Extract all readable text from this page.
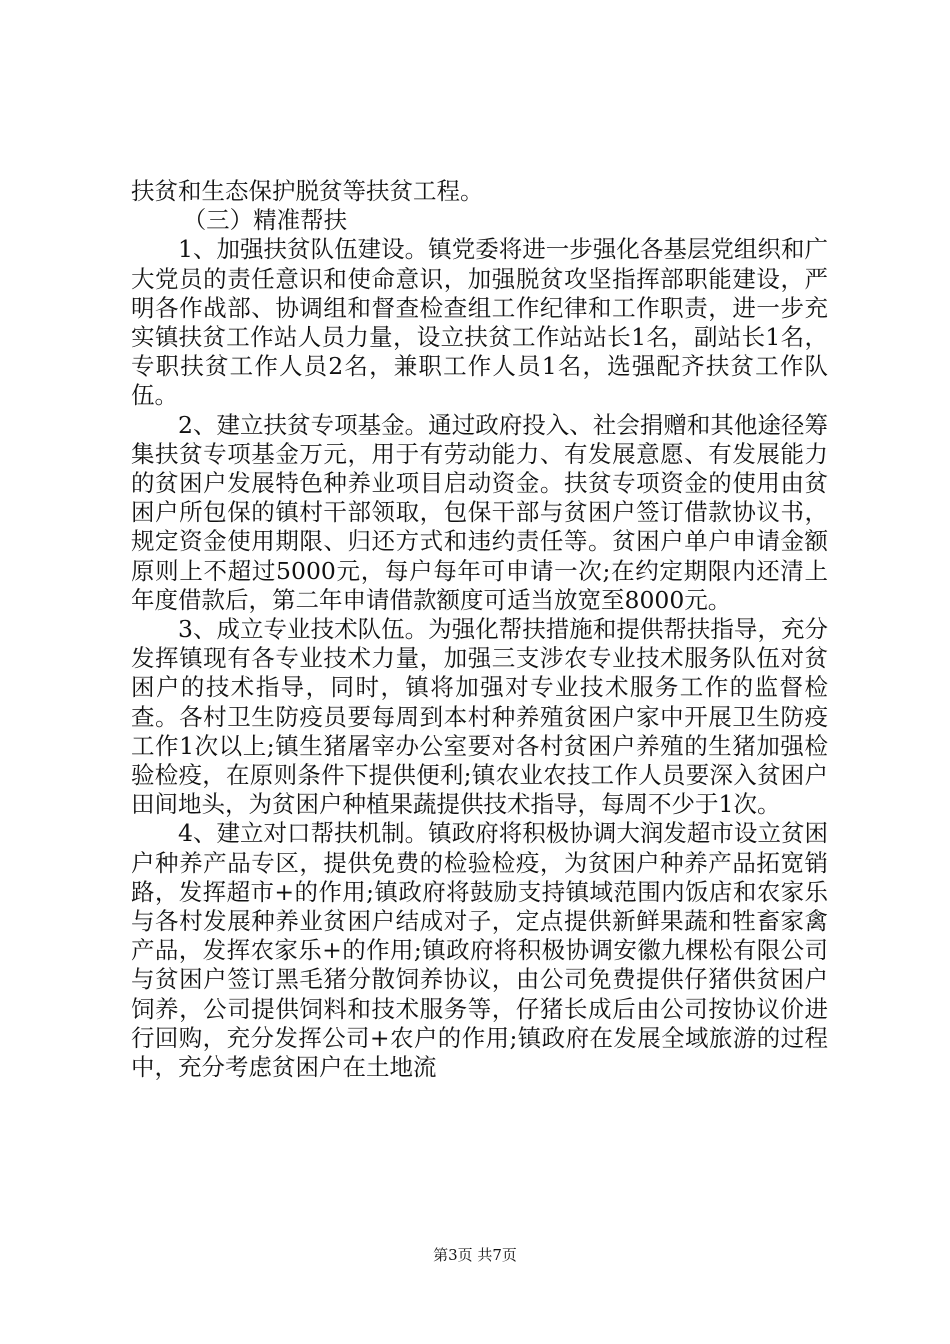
扶贫和生态保护脱贫等扶贫工程。

（三）精准帮扶

1、加强扶贫队伍建设。镇党委将进一步强化各基层党组织和广大党员的责任意识和使命意识，加强脱贫攻坚指挥部职能建设，严明各作战部、协调组和督查检查组工作纪律和工作职责，进一步充实镇扶贫工作站人员力量，设立扶贫工作站站长1名，副站长1名，专职扶贫工作人员2名，兼职工作人员1名，选强配齐扶贫工作队伍。

2、建立扶贫专项基金。通过政府投入、社会捐赠和其他途径筹集扶贫专项基金万元，用于有劳动能力、有发展意愿、有发展能力的贫困户发展特色种养业项目启动资金。扶贫专项资金的使用由贫困户所包保的镇村干部领取，包保干部与贫困户签订借款协议书，规定资金使用期限、归还方式和违约责任等。贫困户单户申请金额原则上不超过5000元，每户每年可申请一次;在约定期限内还清上年度借款后，第二年申请借款额度可适当放宽至8000元。

3、成立专业技术队伍。为强化帮扶措施和提供帮扶指导，充分发挥镇现有各专业技术力量，加强三支涉农专业技术服务队伍对贫困户的技术指导，同时，镇将加强对专业技术服务工作的监督检查。各村卫生防疫员要每周到本村种养殖贫困户家中开展卫生防疫工作1次以上;镇生猪屠宰办公室要对各村贫困户养殖的生猪加强检验检疫，在原则条件下提供便利;镇农业农技工作人员要深入贫困户田间地头，为贫困户种植果蔬提供技术指导，每周不少于1次。

4、建立对口帮扶机制。镇政府将积极协调大润发超市设立贫困户种养产品专区，提供免费的检验检疫，为贫困户种养产品拓宽销路，发挥超市+的作用;镇政府将鼓励支持镇域范围内饭店和农家乐与各村发展种养业贫困户结成对子，定点提供新鲜果蔬和牲畜家禽产品，发挥农家乐+的作用;镇政府将积极协调安徽九棵松有限公司与贫困户签订黑毛猪分散饲养协议，由公司免费提供仔猪供贫困户饲养，公司提供饲料和技术服务等，仔猪长成后由公司按协议价进行回购，充分发挥公司+农户的作用;镇政府在发展全域旅游的过程中，充分考虑贫困户在土地流

第3页 共7页
